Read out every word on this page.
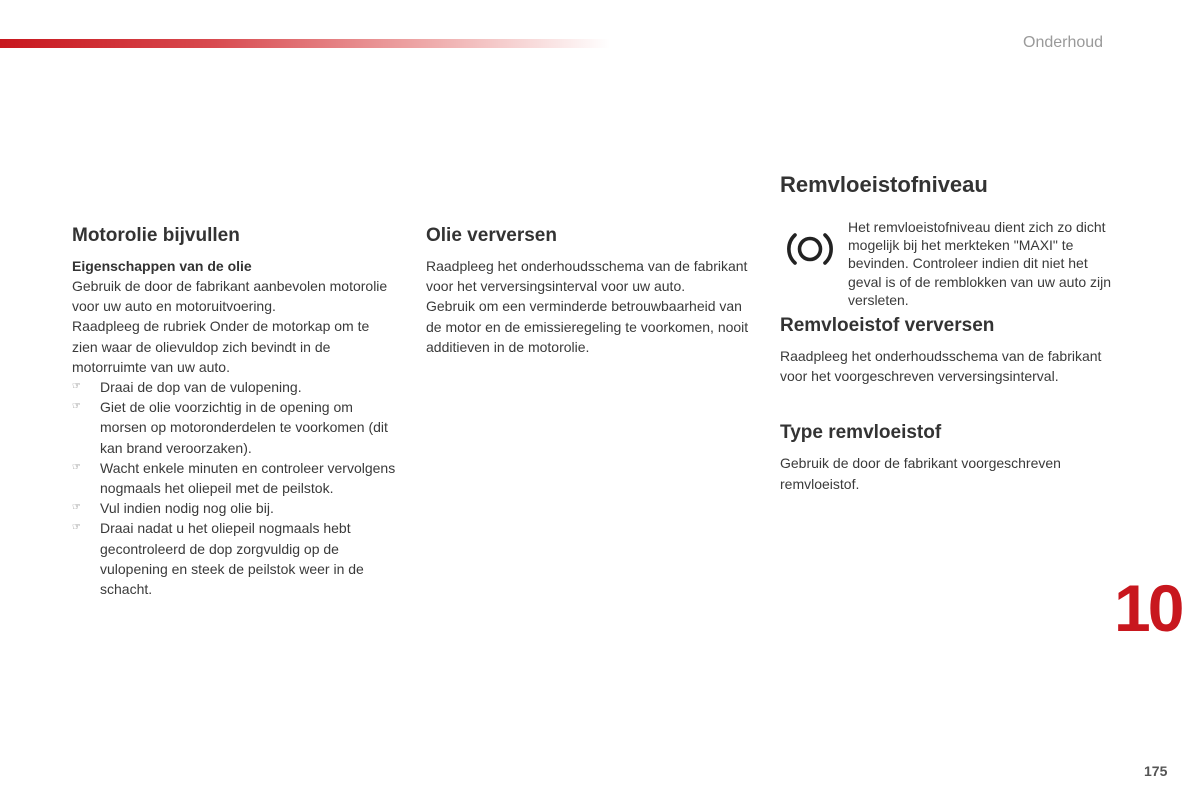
Onderhoud
Motorolie bijvullen
Eigenschappen van de olie

Gebruik de door de fabrikant aanbevolen motorolie voor uw auto en motoruitvoering.

Raadpleeg de rubriek Onder de motorkap om te zien waar de olievuldop zich bevindt in de motorruimte van uw auto.

☞	Draai de dop van de vulopening.
☞	Giet de olie voorzichtig in de opening om morsen op motoronderdelen te voorkomen (dit kan brand veroorzaken).
☞	Wacht enkele minuten en controleer vervolgens nogmaals het oliepeil met de peilstok.
☞	Vul indien nodig nog olie bij.
☞	Draai nadat u het oliepeil nogmaals hebt gecontroleerd de dop zorgvuldig op de vulopening en steek de peilstok weer in de schacht.
Olie verversen

Raadpleeg het onderhoudsschema van de fabrikant voor het verversingsinterval voor uw auto.

Gebruik om een verminderde betrouwbaarheid van de motor en de emissieregeling te voorkomen, nooit additieven in de motorolie.

Remvloeistofniveau
Het remvloeistofniveau dient zich zo dicht mogelijk bij het merkteken "MAXI" te bevinden. Controleer indien dit niet het geval is of de remblokken van uw auto zijn versleten.
Remvloeistof verversen

Raadpleeg het onderhoudsschema van de fabrikant voor het voorgeschreven verversingsinterval.

Type remvloeistof

Gebruik de door de fabrikant voorgeschreven remvloeistof.

10
175
